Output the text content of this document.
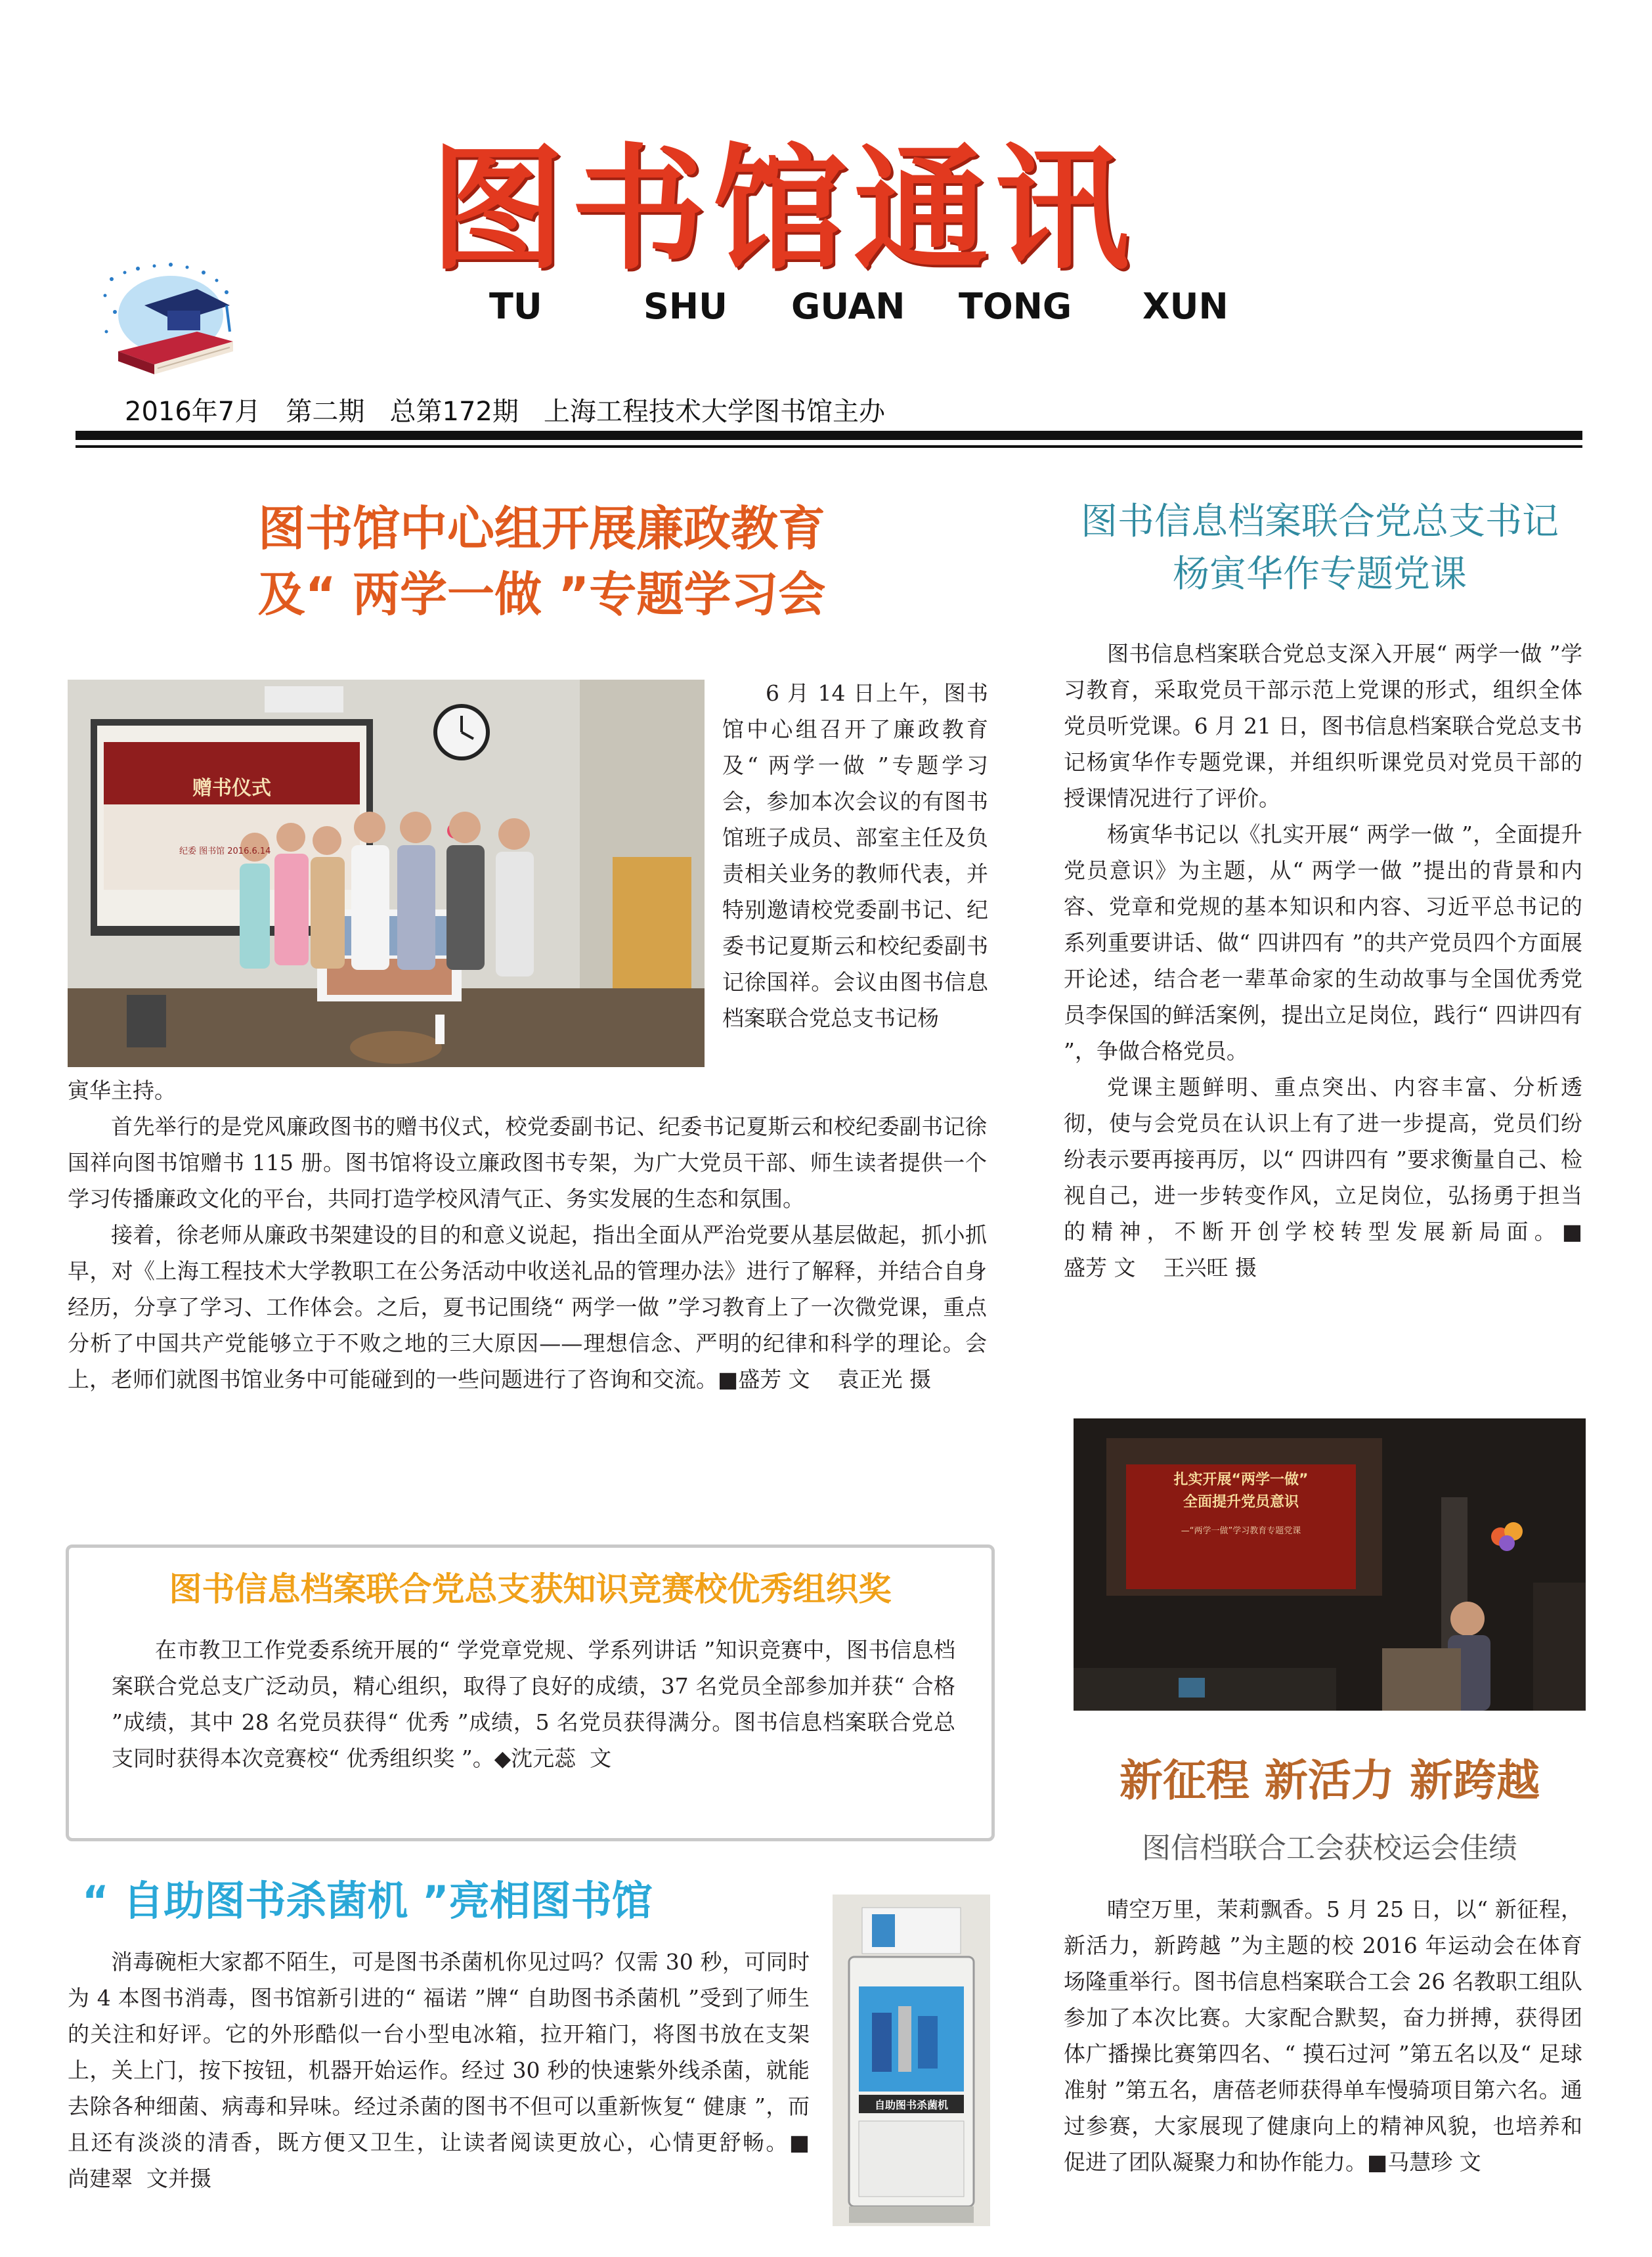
图书馆通讯
TU	SHU GUAN TONG XUN
2016年7月   第二期   总第172期   上海工程技术大学图书馆主办
图书馆中心组开展廉政教育
及“ 两学一做 ”专题学习会
赠书仪式
纪委 图书馆 2016.6.14

6 月 14 日上午，图书馆中心组召开了廉政教育及“ 两学一做 ”专题学习会，参加本次会议的有图书馆班子成员、部室主任及负责相关业务的教师代表，并特别邀请校党委副书记、纪委书记夏斯云和校纪委副书记徐国祥。会议由图书信息档案联合党总支书记杨

寅华主持。

首先举行的是党风廉政图书的赠书仪式，校党委副书记、纪委书记夏斯云和校纪委副书记徐国祥向图书馆赠书 115 册。图书馆将设立廉政图书专架，为广大党员干部、师生读者提供一个学习传播廉政文化的平台，共同打造学校风清气正、务实发展的生态和氛围。

接着，徐老师从廉政书架建设的目的和意义说起，指出全面从严治党要从基层做起，抓小抓早，对《上海工程技术大学教职工在公务活动中收送礼品的管理办法》进行了解释，并结合自身经历，分享了学习、工作体会。之后，夏书记围绕“ 两学一做 ”学习教育上了一次微党课，重点分析了中国共产党能够立于不败之地的三大原因——理想信念、严明的纪律和科学的理论。会上，老师们就图书馆业务中可能碰到的一些问题进行了咨询和交流。■盛芳 文    袁正光 摄

图书信息档案联合党总支获知识竞赛校优秀组织奖

在市教卫工作党委系统开展的“ 学党章党规、学系列讲话 ”知识竞赛中，图书信息档案联合党总支广泛动员，精心组织，取得了良好的成绩，37 名党员全部参加并获“ 合格 ”成绩，其中 28 名党员获得“ 优秀 ”成绩，5 名党员获得满分。图书信息档案联合党总支同时获得本次竞赛校“ 优秀组织奖 ”。◆沈元蕊  文

“ 自助图书杀菌机 ”亮相图书馆

消毒碗柜大家都不陌生，可是图书杀菌机你见过吗？仅需 30 秒，可同时为 4 本图书消毒，图书馆新引进的“ 福诺 ”牌“ 自助图书杀菌机 ”受到了师生的关注和好评。它的外形酷似一台小型电冰箱，拉开箱门，将图书放在支架上，关上门，按下按钮，机器开始运作。经过 30 秒的快速紫外线杀菌，就能去除各种细菌、病毒和异味。经过杀菌的图书不但可以重新恢复“ 健康 ”，而且还有淡淡的清香，既方便又卫生，让读者阅读更放心，心情更舒畅。■尚建翠  文并摄

自助图书杀菌机
图书信息档案联合党总支书记
杨寅华作专题党课

图书信息档案联合党总支深入开展“ 两学一做 ”学习教育，采取党员干部示范上党课的形式，组织全体党员听党课。6 月 21 日，图书信息档案联合党总支书记杨寅华作专题党课，并组织听课党员对党员干部的授课情况进行了评价。

杨寅华书记以《扎实开展“ 两学一做 ”，全面提升党员意识》为主题，从“ 两学一做 ”提出的背景和内容、党章和党规的基本知识和内容、习近平总书记的系列重要讲话、做“ 四讲四有 ”的共产党员四个方面展开论述，结合老一辈革命家的生动故事与全国优秀党员李保国的鲜活案例，提出立足岗位，践行“ 四讲四有 ”，争做合格党员。

党课主题鲜明、重点突出、内容丰富、分析透彻，使与会党员在认识上有了进一步提高，党员们纷纷表示要再接再厉，以“ 四讲四有 ”要求衡量自己、检视自己，进一步转变作风，立足岗位，弘扬勇于担当的精神，不断开创学校转型发展新局面。■盛芳 文    王兴旺 摄

扎实开展“两学一做”
全面提升党员意识
—“两学一做”学习教育专题党课
新征程 新活力 新跨越
图信档联合工会获校运会佳绩

晴空万里，茉莉飘香。5 月 25 日，以“ 新征程，新活力，新跨越 ”为主题的校 2016 年运动会在体育场隆重举行。图书信息档案联合工会 26 名教职工组队参加了本次比赛。大家配合默契，奋力拼搏，获得团体广播操比赛第四名、“ 摸石过河 ”第五名以及“ 足球准射 ”第五名，唐蓓老师获得单车慢骑项目第六名。通过参赛，大家展现了健康向上的精神风貌，也培养和促进了团队凝聚力和协作能力。■马慧珍 文
